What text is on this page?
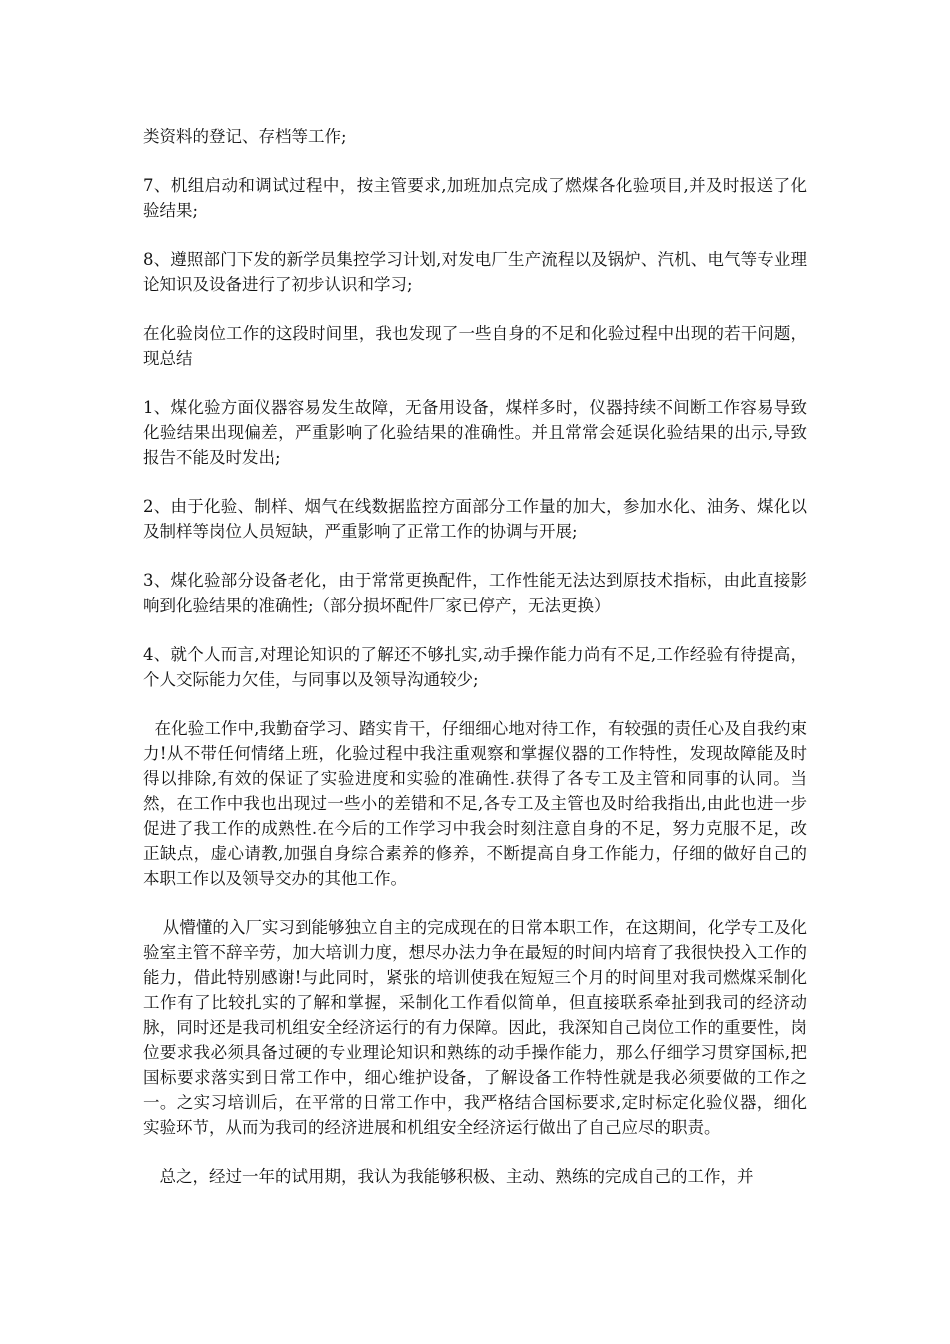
类资料的登记、存档等工作;

7、机组启动和调试过程中，按主管要求,加班加点完成了燃煤各化验项目,并及时报送了化验结果;

8、遵照部门下发的新学员集控学习计划,对发电厂生产流程以及锅炉、汽机、电气等专业理论知识及设备进行了初步认识和学习;

在化验岗位工作的这段时间里，我也发现了一些自身的不足和化验过程中出现的若干问题，现总结

1、煤化验方面仪器容易发生故障，无备用设备，煤样多时，仪器持续不间断工作容易导致化验结果出现偏差，严重影响了化验结果的准确性。并且常常会延误化验结果的出示,导致报告不能及时发出;

2、由于化验、制样、烟气在线数据监控方面部分工作量的加大，参加水化、油务、煤化以及制样等岗位人员短缺，严重影响了正常工作的协调与开展;

3、煤化验部分设备老化，由于常常更换配件，工作性能无法达到原技术指标，由此直接影响到化验结果的准确性;（部分损坏配件厂家已停产，无法更换）

4、就个人而言,对理论知识的了解还不够扎实,动手操作能力尚有不足,工作经验有待提高，个人交际能力欠佳，与同事以及领导沟通较少;

在化验工作中,我勤奋学习、踏实肯干，仔细细心地对待工作，有较强的责任心及自我约束力!从不带任何情绪上班，化验过程中我注重观察和掌握仪器的工作特性，发现故障能及时得以排除,有效的保证了实验进度和实验的准确性.获得了各专工及主管和同事的认同。当然，在工作中我也出现过一些小的差错和不足,各专工及主管也及时给我指出,由此也进一步促进了我工作的成熟性.在今后的工作学习中我会时刻注意自身的不足，努力克服不足，改正缺点，虚心请教,加强自身综合素养的修养，不断提高自身工作能力，仔细的做好自己的本职工作以及领导交办的其他工作。

从懵懂的入厂实习到能够独立自主的完成现在的日常本职工作，在这期间，化学专工及化验室主管不辞辛劳，加大培训力度，想尽办法力争在最短的时间内培育了我很快投入工作的能力，借此特别感谢!与此同时，紧张的培训使我在短短三个月的时间里对我司燃煤采制化工作有了比较扎实的了解和掌握，采制化工作看似简单，但直接联系牵扯到我司的经济动脉，同时还是我司机组安全经济运行的有力保障。因此，我深知自己岗位工作的重要性，岗位要求我必须具备过硬的专业理论知识和熟练的动手操作能力，那么仔细学习贯穿国标,把国标要求落实到日常工作中，细心维护设备，了解设备工作特性就是我必须要做的工作之一。之实习培训后，在平常的日常工作中，我严格结合国标要求,定时标定化验仪器，细化实验环节，从而为我司的经济进展和机组安全经济运行做出了自己应尽的职责。

总之，经过一年的试用期，我认为我能够积极、主动、熟练的完成自己的工作，并
